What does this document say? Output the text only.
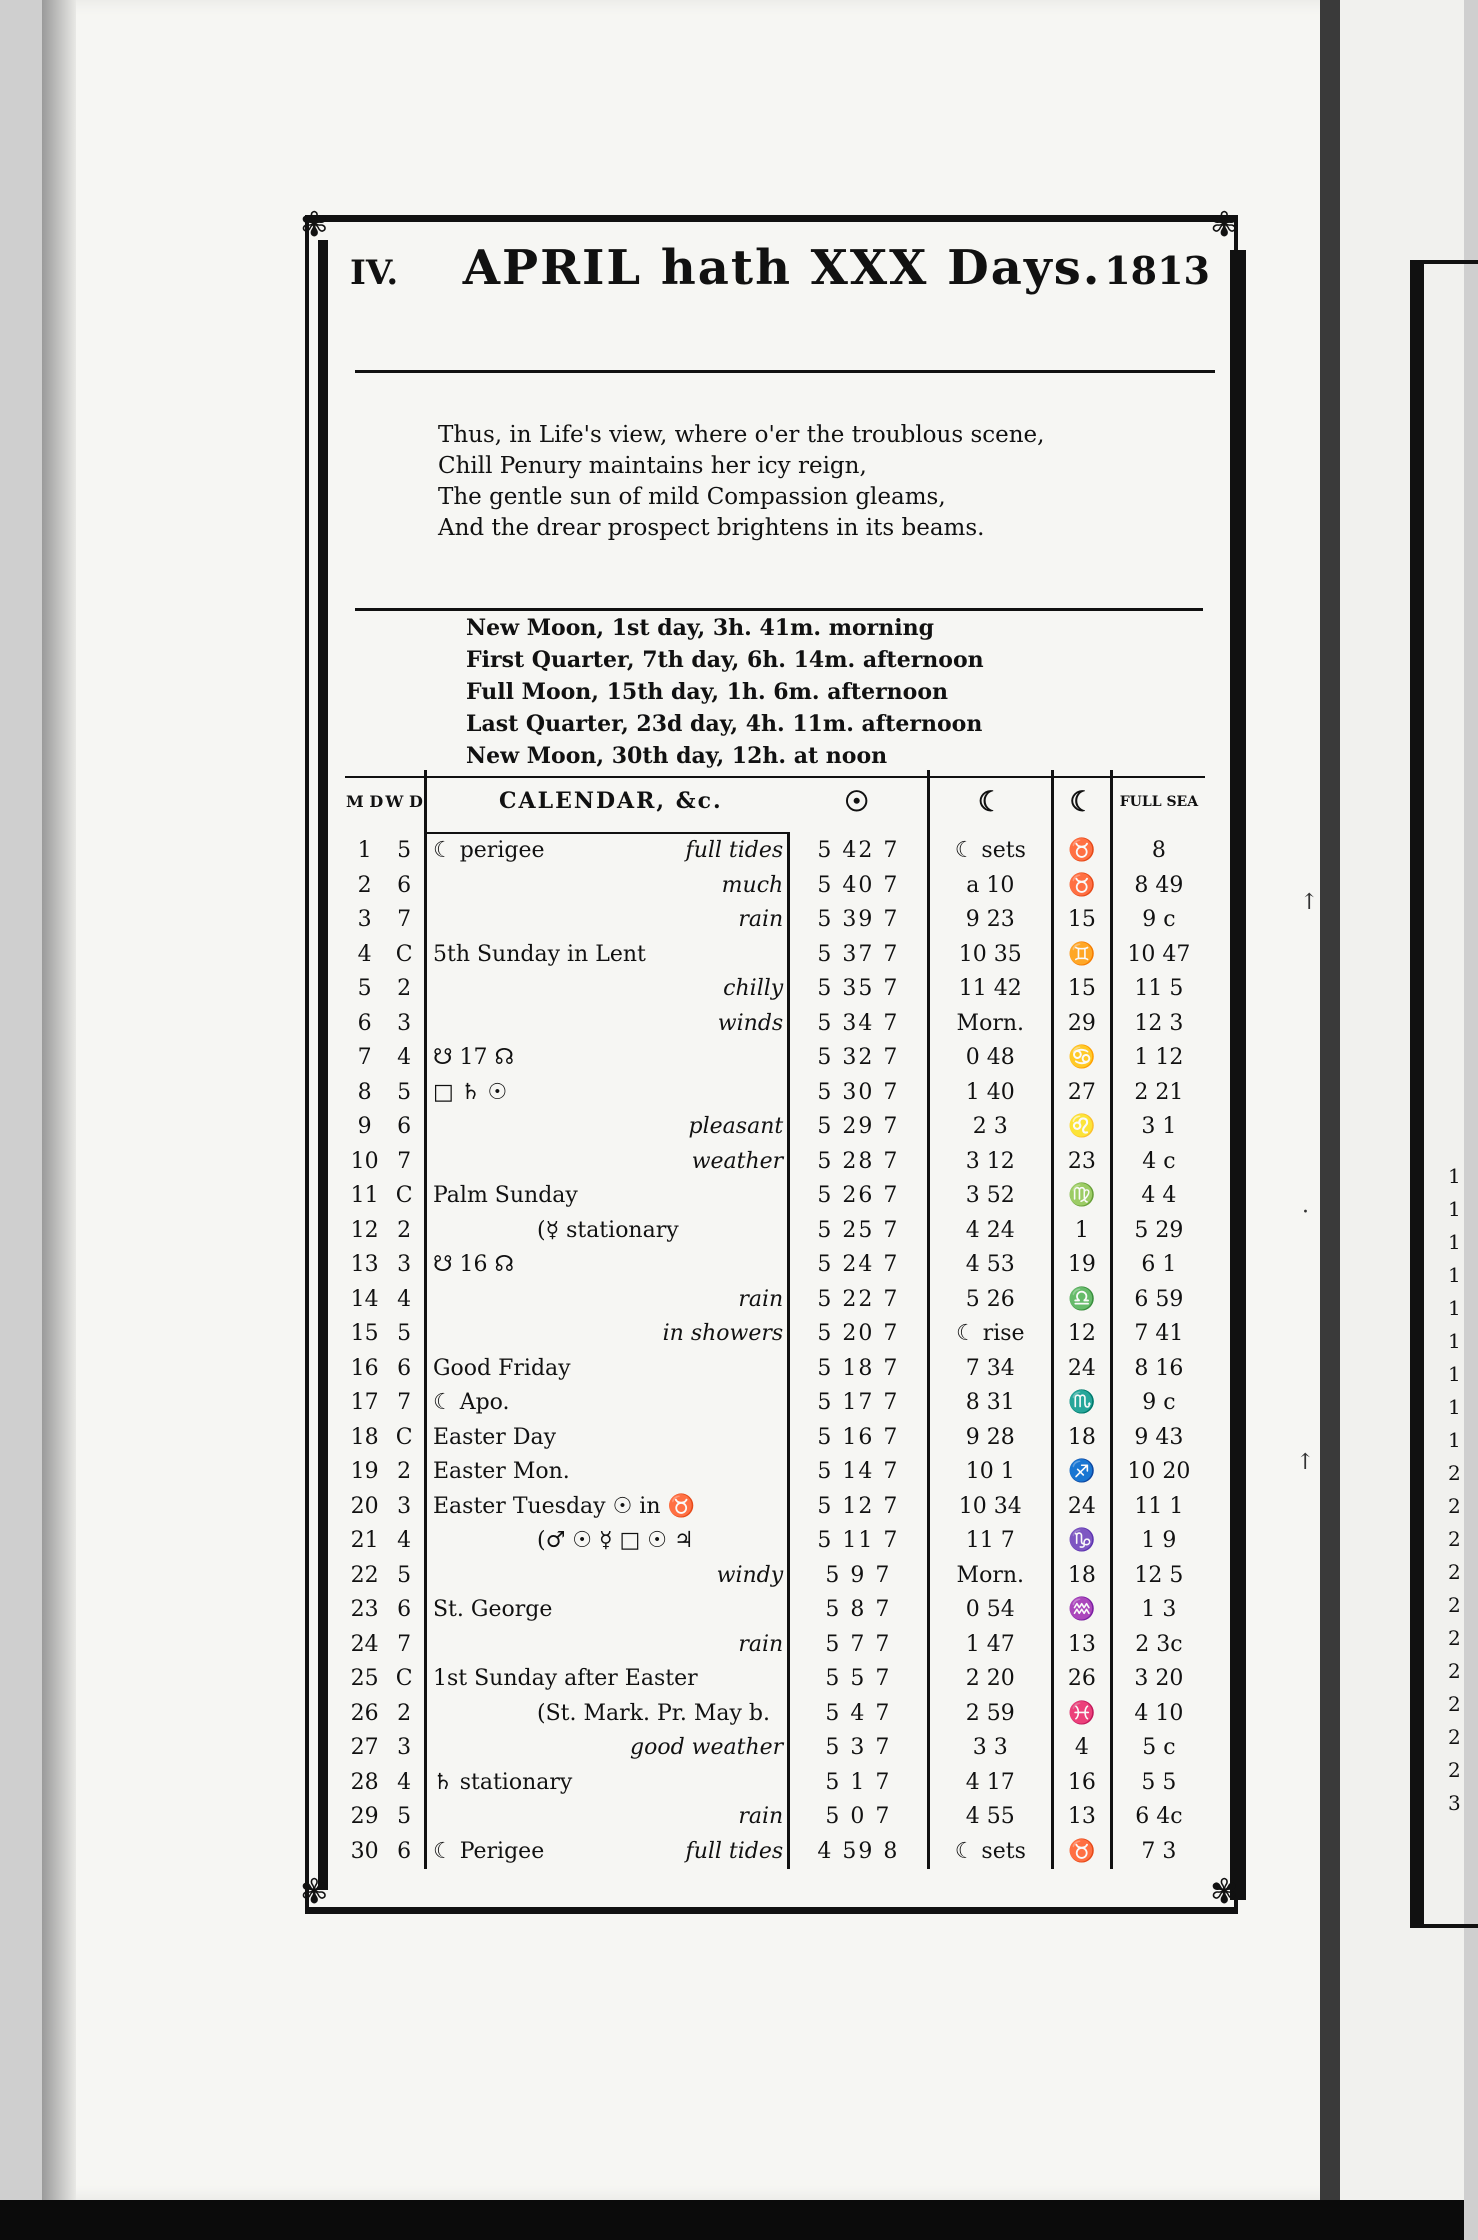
1
1
1
1
1
1
1
1
1
2
2
2
2
2
2
2
2
2
2
3
↑
·
↑
✾	✾
✾	✾
IV.	APRIL hath XXX Days. 1813
Thus, in Life's view, where o'er the troublous scene,
Chill Penury maintains her icy reign,
The gentle sun of mild Compassion gleams,
And the drear prospect brightens in its beams.
New Moon, 1st day, 3h. 41m. morning
First Quarter, 7th day, 6h. 14m. afternoon
Full Moon, 15th day, 1h. 6m. afternoon
Last Quarter, 23d day, 4h. 11m. afternoon
New Moon, 30th day, 12h. at noon
M D	W D	CALENDAR, &c.		☉	☾	☾	FULL SEA
1	5	☾ perigee	full tides	5 42 7	☾ sets	♉	8
2	6		much	5 40 7	a 10	♉	8 49
3	7		rain	5 39 7	9 23	15	9 c
4	C	5th Sunday in Lent		5 37 7	10 35	♊	10 47
5	2		chilly	5 35 7	11 42	15	11 5
6	3		winds	5 34 7	Morn.	29	12 3
7	4	☋ 17 ☊		5 32 7	0 48	♋	1 12
8	5	□ ♄ ☉		5 30 7	1 40	27	2 21
9	6		pleasant	5 29 7	2 3	♌	3 1
10	7		weather	5 28 7	3 12	23	4 c
11	C	Palm Sunday		5 26 7	3 52	♍	4 4
12	2	(☿ stationary		5 25 7	4 24	1	5 29
13	3	☋ 16 ☊		5 24 7	4 53	19	6 1
14	4		rain	5 22 7	5 26	♎	6 59
15	5		in showers	5 20 7	☾ rise	12	7 41
16	6	Good Friday		5 18 7	7 34	24	8 16
17	7	☾ Apo.		5 17 7	8 31	♏	9 c
18	C	Easter Day		5 16 7	9 28	18	9 43
19	2	Easter Mon.		5 14 7	10 1	♐	10 20
20	3	Easter Tuesday ☉ in ♉		5 12 7	10 34	24	11 1
21	4	(♂ ☉ ☿ □ ☉ ♃		5 11 7	11 7	♑	1 9
22	5		windy	5 9 7	Morn.	18	12 5
23	6	St. George		5 8 7	0 54	♒	1 3
24	7		rain	5 7 7	1 47	13	2 3c
25	C	1st Sunday after Easter		5 5 7	2 20	26	3 20
26	2	(St. Mark. Pr. May b.		5 4 7	2 59	♓	4 10
27	3		good weather	5 3 7	3 3	4	5 c
28	4	♄ stationary		5 1 7	4 17	16	5 5
29	5		rain	5 0 7	4 55	13	6 4c
30	6	☾ Perigee	full tides	4 59 8	☾ sets	♉	7 3
